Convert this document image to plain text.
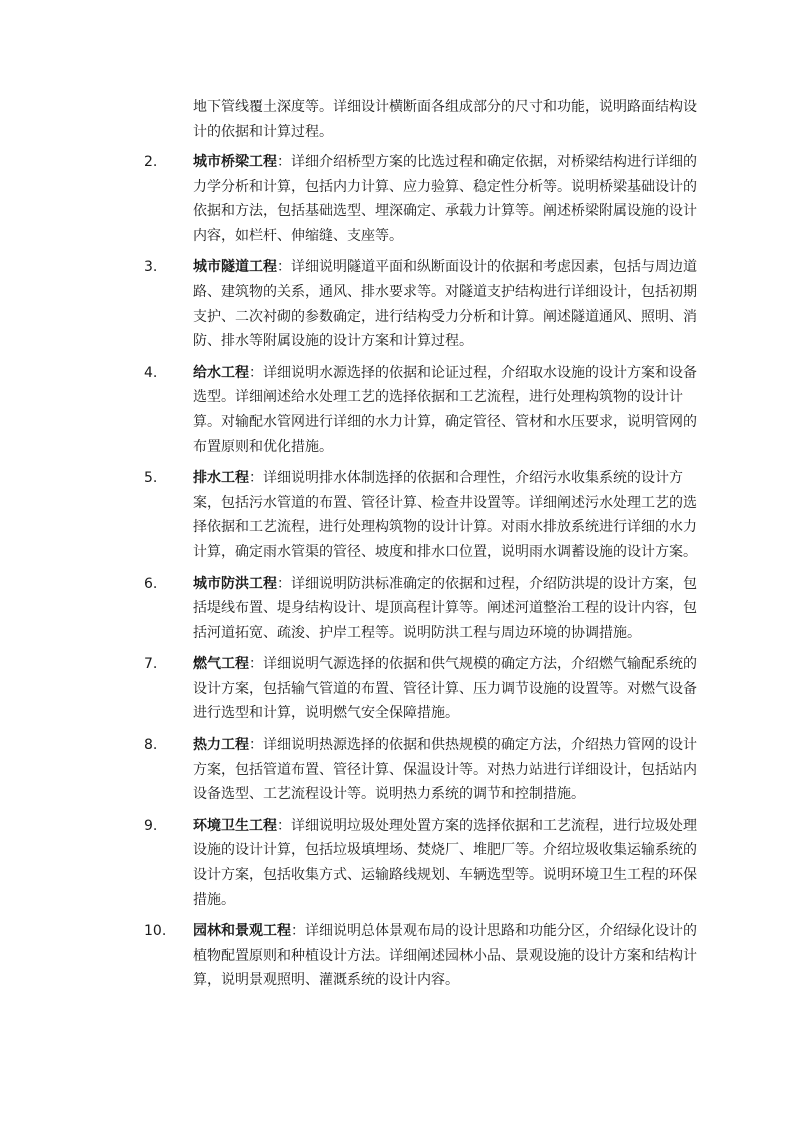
地下管线覆土深度等。详细设计横断面各组成部分的尺寸和功能，说明路面结构设计的依据和计算过程。
2.	城市桥梁工程：详细介绍桥型方案的比选过程和确定依据，对桥梁结构进行详细的力学分析和计算，包括内力计算、应力验算、稳定性分析等。说明桥梁基础设计的依据和方法，包括基础选型、埋深确定、承载力计算等。阐述桥梁附属设施的设计内容，如栏杆、伸缩缝、支座等。
3.	城市隧道工程：详细说明隧道平面和纵断面设计的依据和考虑因素，包括与周边道路、建筑物的关系，通风、排水要求等。对隧道支护结构进行详细设计，包括初期支护、二次衬砌的参数确定，进行结构受力分析和计算。阐述隧道通风、照明、消防、排水等附属设施的设计方案和计算过程。
4.	给水工程：详细说明水源选择的依据和论证过程，介绍取水设施的设计方案和设备选型。详细阐述给水处理工艺的选择依据和工艺流程，进行处理构筑物的设计计算。对输配水管网进行详细的水力计算，确定管径、管材和水压要求，说明管网的布置原则和优化措施。
5.	排水工程：详细说明排水体制选择的依据和合理性，介绍污水收集系统的设计方案，包括污水管道的布置、管径计算、检查井设置等。详细阐述污水处理工艺的选择依据和工艺流程，进行处理构筑物的设计计算。对雨水排放系统进行详细的水力计算，确定雨水管渠的管径、坡度和排水口位置，说明雨水调蓄设施的设计方案。
6.	城市防洪工程：详细说明防洪标准确定的依据和过程，介绍防洪堤的设计方案，包括堤线布置、堤身结构设计、堤顶高程计算等。阐述河道整治工程的设计内容，包括河道拓宽、疏浚、护岸工程等。说明防洪工程与周边环境的协调措施。
7.	燃气工程：详细说明气源选择的依据和供气规模的确定方法，介绍燃气输配系统的设计方案，包括输气管道的布置、管径计算、压力调节设施的设置等。对燃气设备进行选型和计算，说明燃气安全保障措施。
8.	热力工程：详细说明热源选择的依据和供热规模的确定方法，介绍热力管网的设计方案，包括管道布置、管径计算、保温设计等。对热力站进行详细设计，包括站内设备选型、工艺流程设计等。说明热力系统的调节和控制措施。
9.	环境卫生工程：详细说明垃圾处理处置方案的选择依据和工艺流程，进行垃圾处理设施的设计计算，包括垃圾填埋场、焚烧厂、堆肥厂等。介绍垃圾收集运输系统的设计方案，包括收集方式、运输路线规划、车辆选型等。说明环境卫生工程的环保措施。
10. 园林和景观工程：详细说明总体景观布局的设计思路和功能分区，介绍绿化设计的植物配置原则和种植设计方法。详细阐述园林小品、景观设施的设计方案和结构计算，说明景观照明、灌溉系统的设计内容。
